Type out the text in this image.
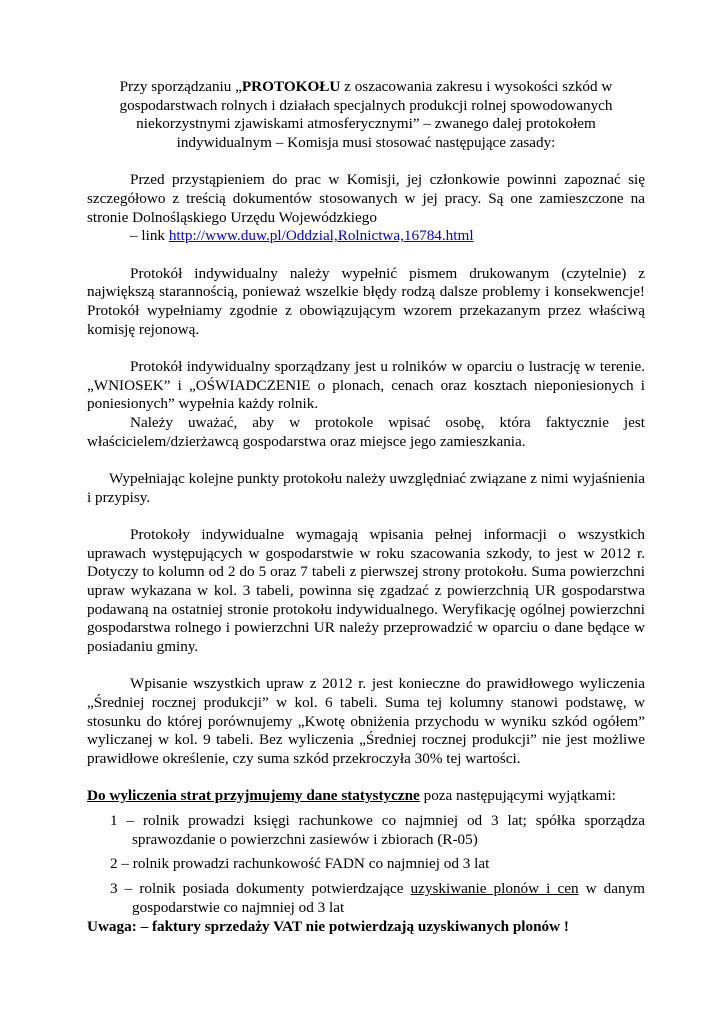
Przy sporządzaniu „PROTOKOŁU z oszacowania zakresu i wysokości szkód w gospodarstwach rolnych i działach specjalnych produkcji rolnej spowodowanych niekorzystnymi zjawiskami atmosferycznymi” – zwanego dalej protokołem indywidualnym – Komisja musi stosować następujące zasady:

Przed przystąpieniem do prac w Komisji, jej członkowie powinni zapoznać się szczegółowo z treścią dokumentów stosowanych w jej pracy. Są one zamieszczone na stronie Dolnośląskiego Urzędu Wojewódzkiego

– link http://www.duw.pl/Oddzial,Rolnictwa,16784.html

Protokół indywidualny należy wypełnić pismem drukowanym (czytelnie) z największą starannością, ponieważ wszelkie błędy rodzą dalsze problemy i konsekwencje! Protokół wypełniamy zgodnie z obowiązującym wzorem przekazanym przez właściwą komisję rejonową.

Protokół indywidualny sporządzany jest u rolników w oparciu o lustrację w terenie. „WNIOSEK” i „OŚWIADCZENIE o plonach, cenach oraz kosztach nieponiesionych i poniesionych” wypełnia każdy rolnik.

Należy uważać, aby w protokole wpisać osobę, która faktycznie jest właścicielem/dzierżawcą gospodarstwa oraz miejsce jego zamieszkania.

Wypełniając kolejne punkty protokołu należy uwzględniać związane z nimi wyjaśnienia i przypisy.

Protokoły indywidualne wymagają wpisania pełnej informacji o wszystkich uprawach występujących w gospodarstwie w roku szacowania szkody, to jest w 2012 r. Dotyczy to kolumn od 2 do 5 oraz 7 tabeli z pierwszej strony protokołu. Suma powierzchni upraw wykazana w kol. 3 tabeli, powinna się zgadzać z powierzchnią UR gospodarstwa podawaną na ostatniej stronie protokołu indywidualnego. Weryfikację ogólnej powierzchni gospodarstwa rolnego i powierzchni UR należy przeprowadzić w oparciu o dane będące w posiadaniu gminy.

Wpisanie wszystkich upraw z 2012 r. jest konieczne do prawidłowego wyliczenia „Średniej rocznej produkcji” w kol. 6 tabeli. Suma tej kolumny stanowi podstawę, w stosunku do której porównujemy „Kwotę obniżenia przychodu w wyniku szkód ogółem” wyliczanej w kol. 9 tabeli. Bez wyliczenia „Średniej rocznej produkcji” nie jest możliwe prawidłowe określenie, czy suma szkód przekroczyła 30% tej wartości.

Do wyliczenia strat przyjmujemy dane statystyczne poza następującymi wyjątkami:

1 – rolnik prowadzi księgi rachunkowe co najmniej od 3 lat; spółka sporządza sprawozdanie o powierzchni zasiewów i zbiorach (R-05)

2 – rolnik prowadzi rachunkowość FADN co najmniej od 3 lat

3 – rolnik posiada dokumenty potwierdzające uzyskiwanie plonów i cen w danym gospodarstwie co najmniej od 3 lat

Uwaga: – faktury sprzedaży VAT nie potwierdzają uzyskiwanych plonów !
